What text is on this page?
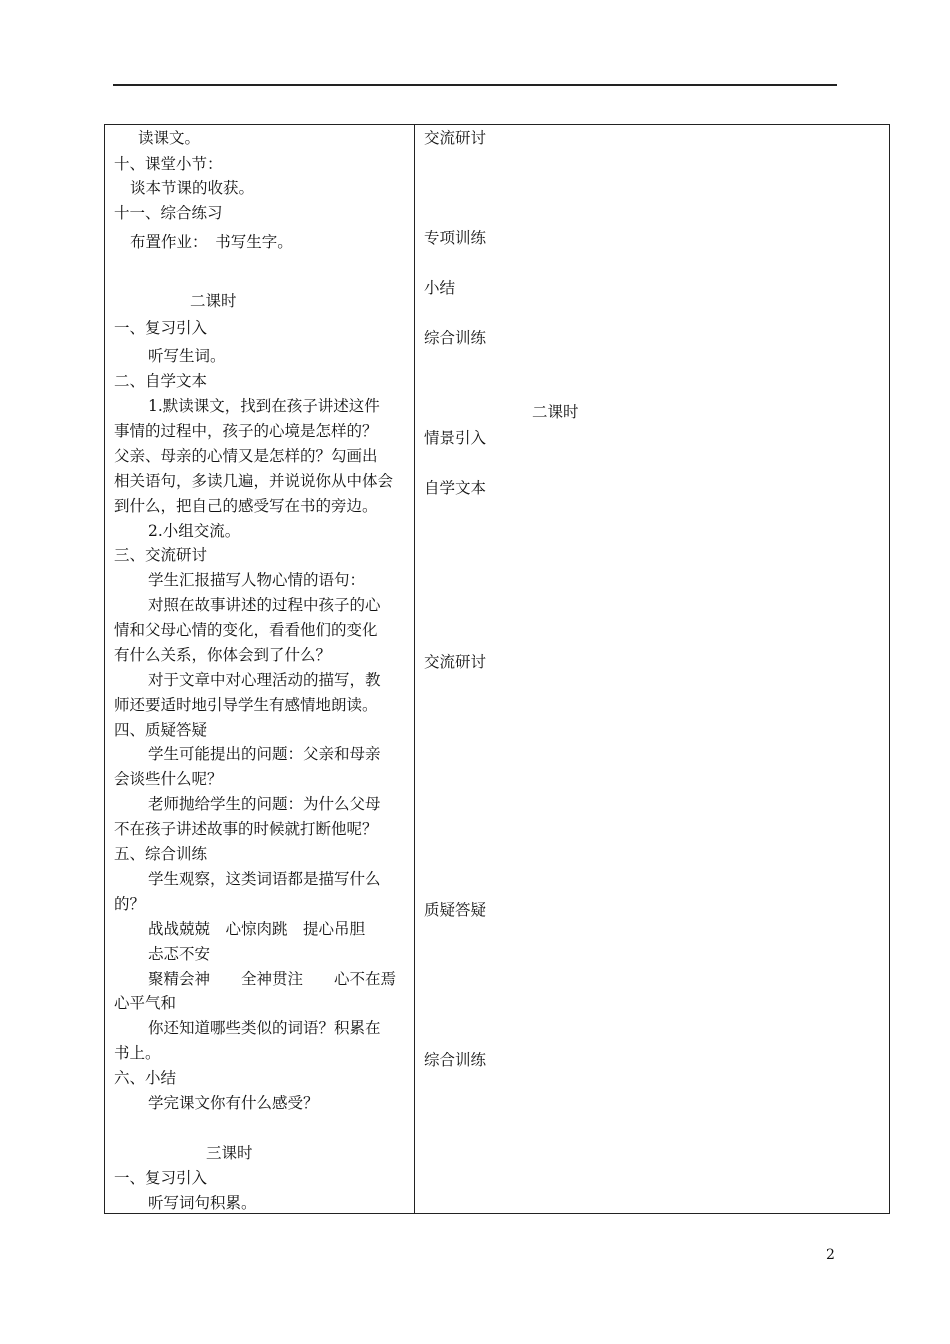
读课文。
十、课堂小节：
谈本节课的收获。
十一、综合练习
布置作业：　书写生字。
二课时
一、复习引入
听写生词。
二、自学文本
1.默读课文，找到在孩子讲述这件
事情的过程中，孩子的心境是怎样的？
父亲、母亲的心情又是怎样的？勾画出
相关语句，多读几遍，并说说你从中体会
到什么，把自己的感受写在书的旁边。
2.小组交流。
三、交流研讨
学生汇报描写人物心情的语句：
对照在故事讲述的过程中孩子的心
情和父母心情的变化，看看他们的变化
有什么关系，你体会到了什么？
对于文章中对心理活动的描写，教
师还要适时地引导学生有感情地朗读。
四、质疑答疑
学生可能提出的问题：父亲和母亲
会谈些什么呢？
老师抛给学生的问题：为什么父母
不在孩子讲述故事的时候就打断他呢？
五、综合训练
学生观察，这类词语都是描写什么
的？
战战兢兢　心惊肉跳　提心吊胆
忐忑不安
聚精会神　　全神贯注　　心不在焉
心平气和
你还知道哪些类似的词语？积累在
书上。
六、小结
学完课文你有什么感受？
三课时
一、复习引入
听写词句积累。
交流研讨
专项训练
小结
综合训练
二课时
情景引入
自学文本
交流研讨
质疑答疑
综合训练
2
